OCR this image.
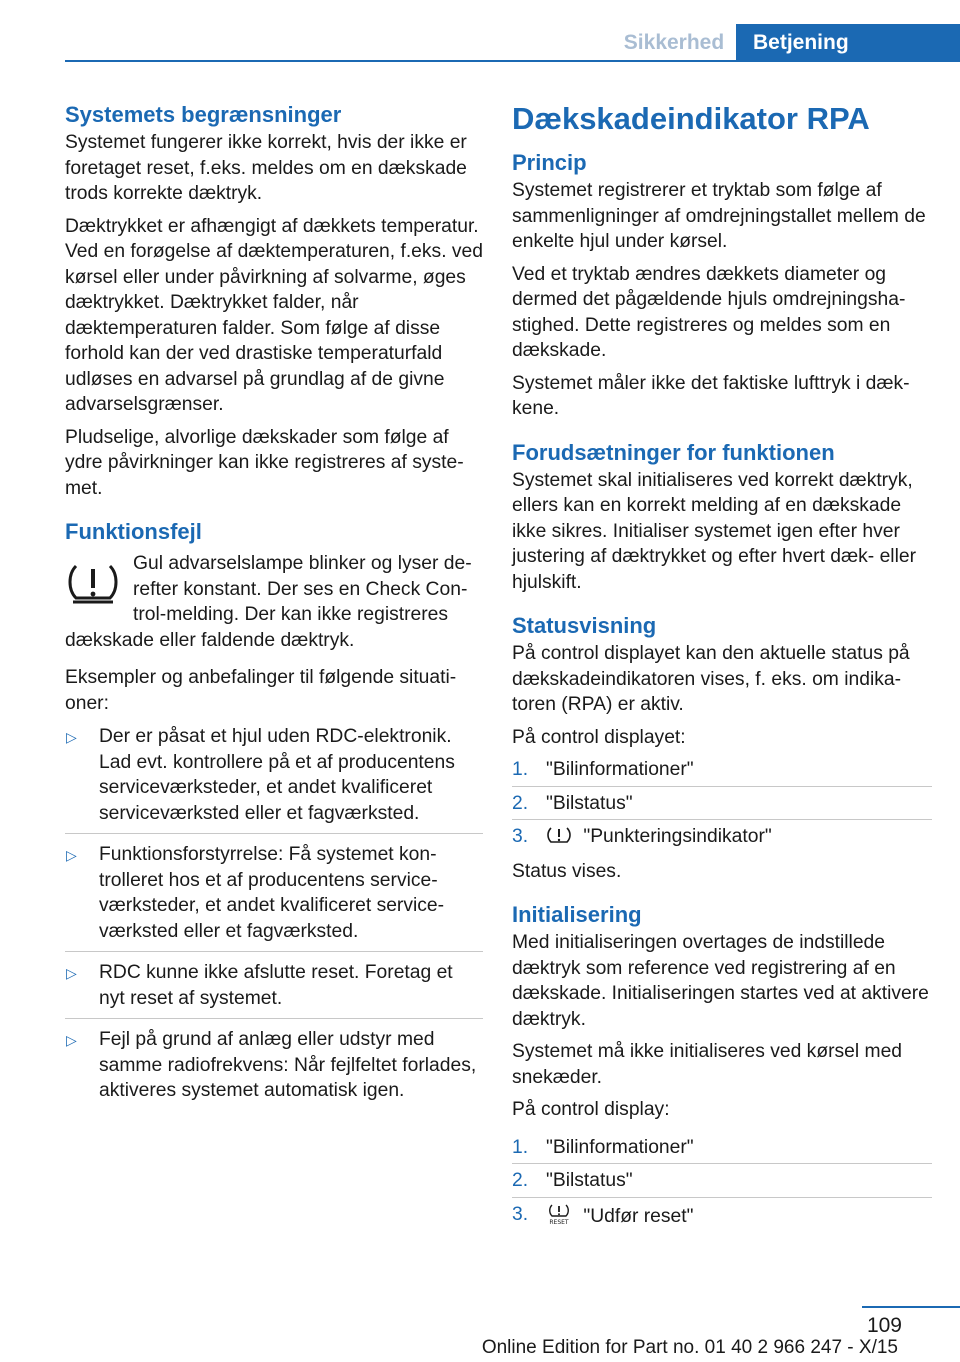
Sikkerhed	Betjening
Systemets begrænsninger

Systemet fungerer ikke korrekt, hvis der ikke er foretaget reset, f.eks. meldes om en dækskade trods korrekte dæktryk.

Dæktrykket er afhængigt af dækkets temperatur. Ved en forøgelse af dæktemperaturen, f.eks. ved kørsel eller under påvirkning af solvarme, øges dæktrykket. Dæktrykket falder, når dæktemperaturen falder. Som følge af disse forhold kan der ved drastiske temperaturfald udløses en advarsel på grundlag af de givne advarselsgrænser.

Pludselige, alvorlige dækskader som følge af ydre påvirkninger kan ikke registreres af systemet.

Funktionsfejl

Gul advarselslampe blinker og lyser derefter konstant. Der ses en Check Control-melding. Der kan ikke registreres dækskade eller faldende dæktryk.

Eksempler og anbefalinger til følgende situationer:

▷ Der er påsat et hjul uden RDC-elektronik. Lad evt. kontrollere på et af producentens serviceværksteder, et andet kvalificeret serviceværksted eller et fagværksted.
▷ Funktionsforstyrrelse: Få systemet kontrolleret hos et af producentens serviceværksteder, et andet kvalificeret serviceværksted eller et fagværksted.
▷ RDC kunne ikke afslutte reset. Foretag et nyt reset af systemet.
▷ Fejl på grund af anlæg eller udstyr med samme radiofrekvens: Når fejlfeltet forlades, aktiveres systemet automatisk igen.
Dækskadeindikator RPA
Princip

Systemet registrerer et tryktab som følge af sammenligninger af omdrejningstallet mellem de enkelte hjul under kørsel.

Ved et tryktab ændres dækkets diameter og dermed det pågældende hjuls omdrejningshastighed. Dette registreres og meldes som en dækskade.

Systemet måler ikke det faktiske lufttryk i dækkene.

Forudsætninger for funktionen

Systemet skal initialiseres ved korrekt dæktryk, ellers kan en korrekt melding af en dækskade ikke sikres. Initialiser systemet igen efter hver justering af dæktrykket og efter hvert dæk- eller hjulskift.

Statusvisning

På control displayet kan den aktuelle status på dækskadeindikatoren vises, f. eks. om indikatoren (RPA) er aktiv.

På control displayet:

1. "Bilinformationer"
2. "Bilstatus"
3.	"Punkteringsindikator"

Status vises.

Initialisering

Med initialiseringen overtages de indstillede dæktryk som reference ved registrering af en dækskade. Initialiseringen startes ved at aktivere dæktryk.

Systemet må ikke initialiseres ved kørsel med snekæder.

På control display:

1. "Bilinformationer"
2. "Bilstatus"
3.	RESET "Udfør reset"
109
Online Edition for Part no. 01 40 2 966 247 - X/15
